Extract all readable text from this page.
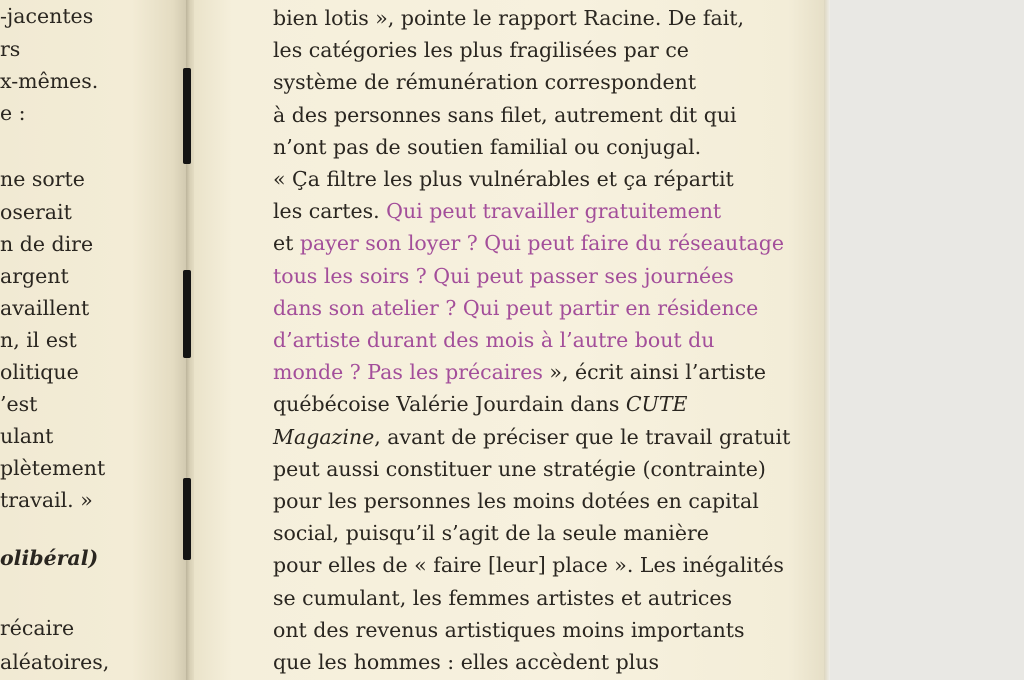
-jacentes
rs
x-mêmes.
e :
ne sorte
oserait
n de dire
argent
availlent
n, il est
olitique
’est
ulant
plètement
travail. »
olibéral)
récaire
aléatoires,
bien lotis », pointe le rapport Racine. De fait,
les catégories les plus fragilisées par ce
système de rémunération correspondent
à des personnes sans filet, autrement dit qui
n’ont pas de soutien familial ou conjugal.
« Ça filtre les plus vulnérables et ça répartit
les cartes. Qui peut travailler gratuitement
et payer son loyer ? Qui peut faire du réseautage
tous les soirs ? Qui peut passer ses journées
dans son atelier ? Qui peut partir en résidence
d’artiste durant des mois à l’autre bout du
monde ? Pas les précaires », écrit ainsi l’artiste
québécoise Valérie Jourdain dans CUTE
Magazine, avant de préciser que le travail gratuit
peut aussi constituer une stratégie (contrainte)
pour les personnes les moins dotées en capital
social, puisqu’il s’agit de la seule manière
pour elles de « faire [leur] place ». Les inégalités
se cumulant, les femmes artistes et autrices
ont des revenus artistiques moins importants
que les hommes : elles accèdent plus
